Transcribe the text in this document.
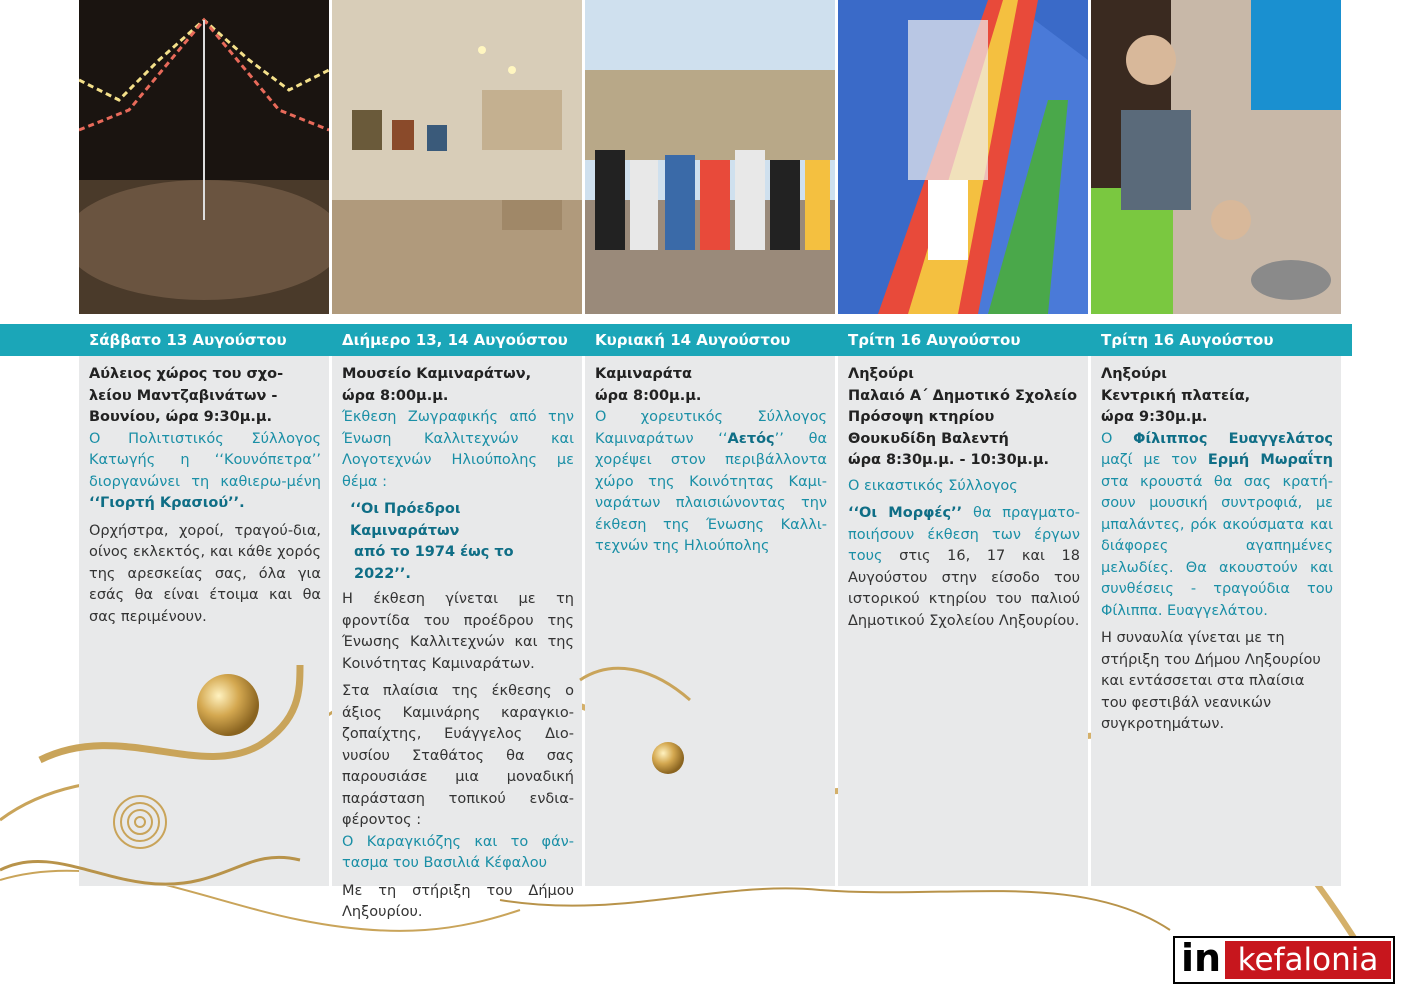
Σάββατο 13 Αυγούστου
Αύλειος χώρος του σχο-
λείου Μαντζαβινάτων -
Βουνίου, ώρα 9:30μ.μ.

Ο Πολιτιστικός Σύλλογος Κατωγής η ‘‘Κουνόπετρα’’ διοργανώνει τη καθιερω-μένη ‘‘Γιορτή Κρασιού’’.

Ορχήστρα, χοροί, τραγού-δια, οίνος εκλεκτός, και κάθε χορός της αρεσκείας σας, όλα για εσάς θα είναι έτοιμα και θα σας περιμένουν.

Διήμερο 13, 14 Αυγούστου
Μουσείο Καμιναράτων,
ώρα 8:00μ.μ.

Έκθεση Ζωγραφικής από την Ένωση Καλλιτεχνών και Λογοτεχνών Ηλιούπολης με θέμα :

‘‘Οι Πρόεδροι Καμιναράτων
από το 1974 έως το 2022’’.

Η έκθεση γίνεται με τη φροντίδα του προέδρου της Ένωσης Καλλιτεχνών και της Κοινότητας Καμιναράτων.

Στα πλαίσια της έκθεσης ο άξιος Καμινάρης καραγκιο-ζοπαίχτης, Ευάγγελος Διο-νυσίου Σταθάτος θα σας παρουσιάσε μια μοναδική παράσταση τοπικού ενδια-φέροντος :

Ο Καραγκιόζης και το φάν-τασμα του Βασιλιά Κέφαλου

Με τη στήριξη του Δήμου Ληξουρίου.

Κυριακή 14 Αυγούστου
Καμιναράτα
ώρα 8:00μ.μ.

Ο χορευτικός Σύλλογος Καμιναράτων ‘‘Αετός’’ θα χορέψει στον περιβάλλοντα χώρο της Κοινότητας Καμι-ναράτων πλαισιώνοντας την έκθεση της Ένωσης Καλλι-τεχνών της Ηλιούπολης

Τρίτη 16 Αυγούστου
Ληξούρι
Παλαιό Α΄ Δημοτικό Σχολείο
Πρόσοψη κτηρίου
Θουκυδίδη Βαλεντή
ώρα 8:30μ.μ. - 10:30μ.μ.

Ο εικαστικός Σύλλογος

‘‘Οι Μορφές’’ θα πραγματο-ποιήσουν έκθεση των έργων τους στις 16, 17 και 18 Αυγούστου στην είσοδο του ιστορικού κτηρίου του παλιού Δημοτικού Σχολείου Ληξουρίου.

Τρίτη 16 Αυγούστου
Ληξούρι
Κεντρική πλατεία,
ώρα 9:30μ.μ.

Ο Φίλιππος Ευαγγελάτος μαζί με τον Ερμή Μωραΐτη στα κρουστά θα σας κρατή-σουν μουσική συντροφιά, με μπαλάντες, ρόκ ακούσματα και διάφορες αγαπημένες μελωδίες. Θα ακουστούν και συνθέσεις - τραγούδια του Φίλιππα. Ευαγγελάτου.

Η συναυλία γίνεται με τη στήριξη του Δήμου Ληξουρίου και εντάσσεται στα πλαίσια του φεστιβάλ νεανικών συγκροτημάτων.

in kefalonia
